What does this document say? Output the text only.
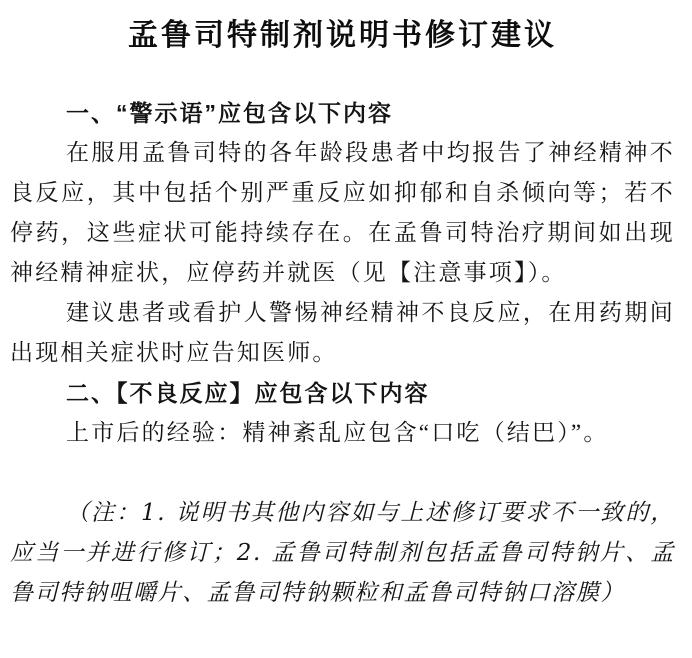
孟鲁司特制剂说明书修订建议

一、“警示语”应包含以下内容

在服用孟鲁司特的各年龄段患者中均报告了神经精神不良反应，其中包括个别严重反应如抑郁和自杀倾向等；若不停药，这些症状可能持续存在。在孟鲁司特治疗期间如出现神经精神症状，应停药并就医（见【注意事项】）。

建议患者或看护人警惕神经精神不良反应，在用药期间出现相关症状时应告知医师。

二、【不良反应】应包含以下内容

上市后的经验：精神紊乱应包含“口吃（结巴）”。

（注：1. 说明书其他内容如与上述修订要求不一致的，应当一并进行修订；2. 孟鲁司特制剂包括孟鲁司特钠片、孟鲁司特钠咀嚼片、孟鲁司特钠颗粒和孟鲁司特钠口溶膜）
